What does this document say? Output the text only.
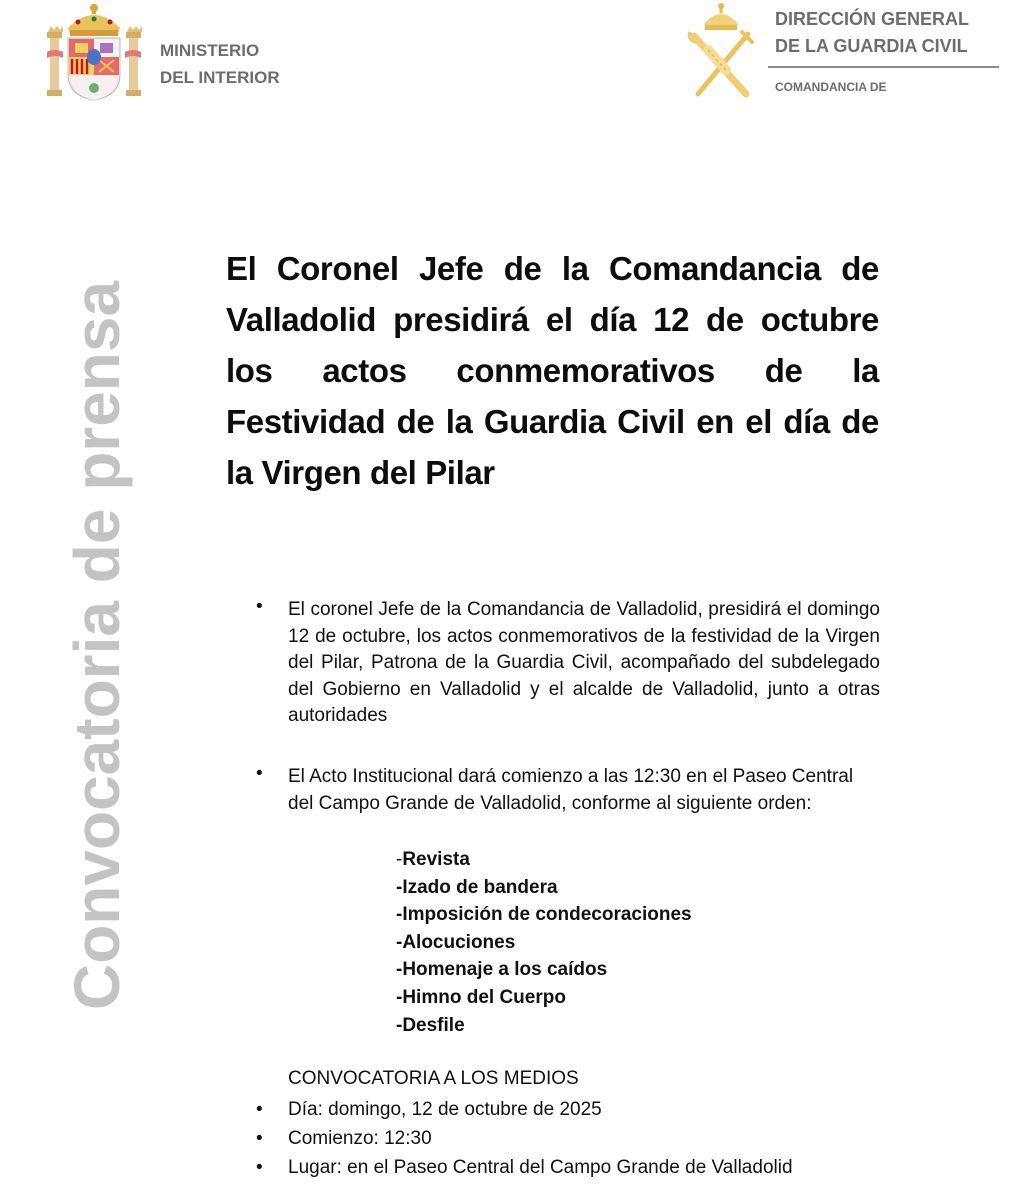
MINISTERIO
DEL INTERIOR
DIRECCIÓN GENERAL
DE LA GUARDIA CIVIL
COMANDANCIA DE
Convocatoria de prensa
El Coronel Jefe de la Comandancia de Valladolid presidirá el día 12 de octubre los actos conmemorativos de la Festividad de la Guardia Civil en el día de la Virgen del Pilar
• El coronel Jefe de la Comandancia de Valladolid, presidirá el domingo 12 de octubre, los actos conmemorativos de la festividad de la Virgen del Pilar, Patrona de la Guardia Civil, acompañado del subdelegado del Gobierno en Valladolid y el alcalde de Valladolid, junto a otras autoridades
• El Acto Institucional dará comienzo a las 12:30 en el Paseo Central del Campo Grande de Valladolid, conforme al siguiente orden:
-Revista
-Izado de bandera
-Imposición de condecoraciones
-Alocuciones
-Homenaje a los caídos
-Himno del Cuerpo
-Desfile
CONVOCATORIA A LOS MEDIOS
• Día: domingo, 12 de octubre de 2025
• Comienzo: 12:30
• Lugar: en el Paseo Central del Campo Grande de Valladolid
